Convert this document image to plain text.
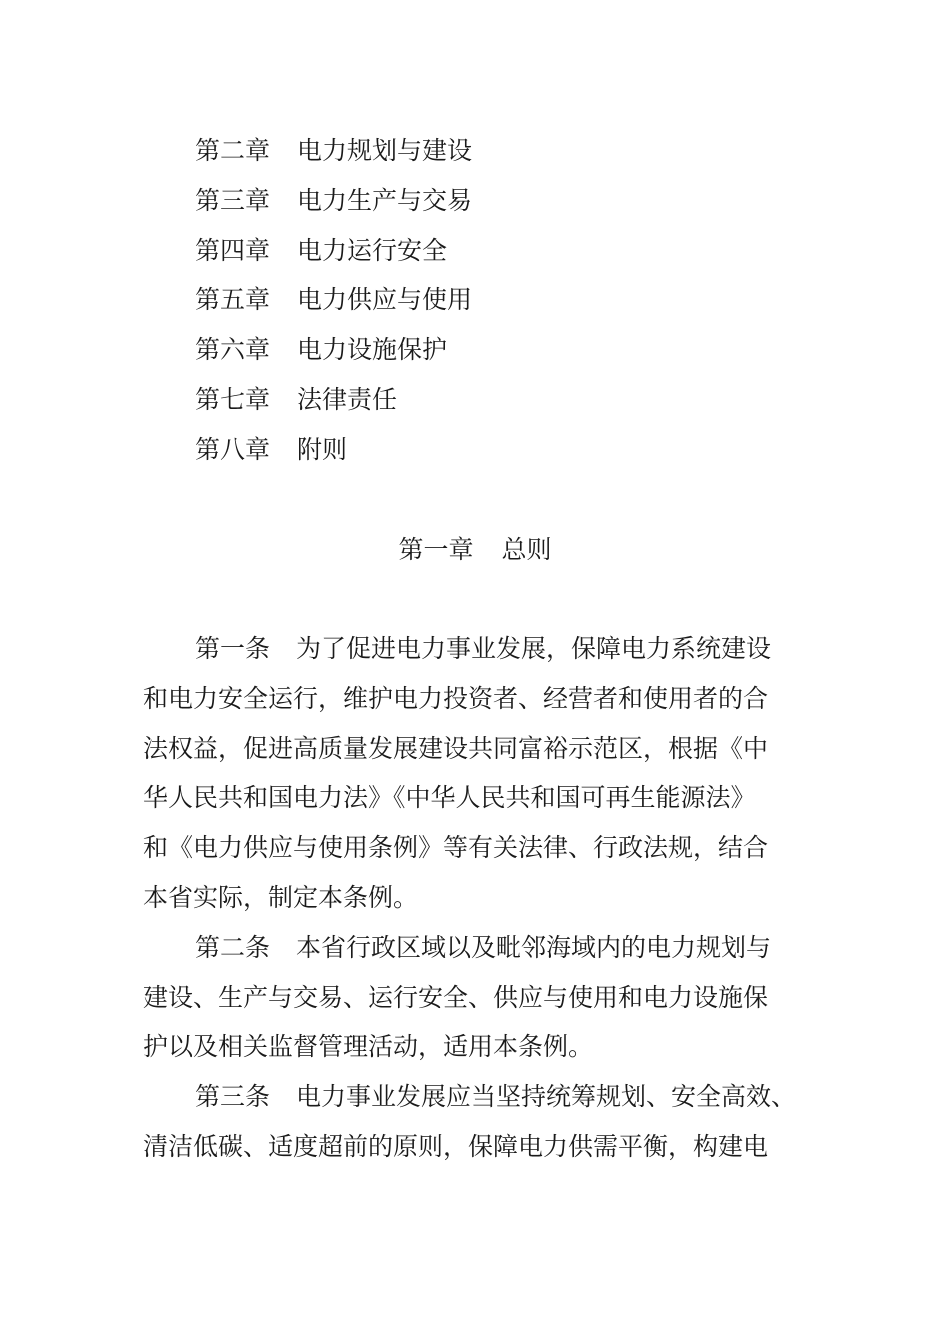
第二章 电力规划与建设
第三章 电力生产与交易
第四章 电力运行安全
第五章 电力供应与使用
第六章 电力设施保护
第七章 法律责任
第八章 附则
第一章 总则
第一条 为了促进电力事业发展，保障电力系统建设
和电力安全运行，维护电力投资者、经营者和使用者的合
法权益，促进高质量发展建设共同富裕示范区，根据《中
华人民共和国电力法》《中华人民共和国可再生能源法》
和《电力供应与使用条例》等有关法律、行政法规，结合
本省实际，制定本条例。
第二条 本省行政区域以及毗邻海域内的电力规划与
建设、生产与交易、运行安全、供应与使用和电力设施保
护以及相关监督管理活动，适用本条例。
第三条 电力事业发展应当坚持统筹规划、安全高效、
清洁低碳、适度超前的原则，保障电力供需平衡，构建电
